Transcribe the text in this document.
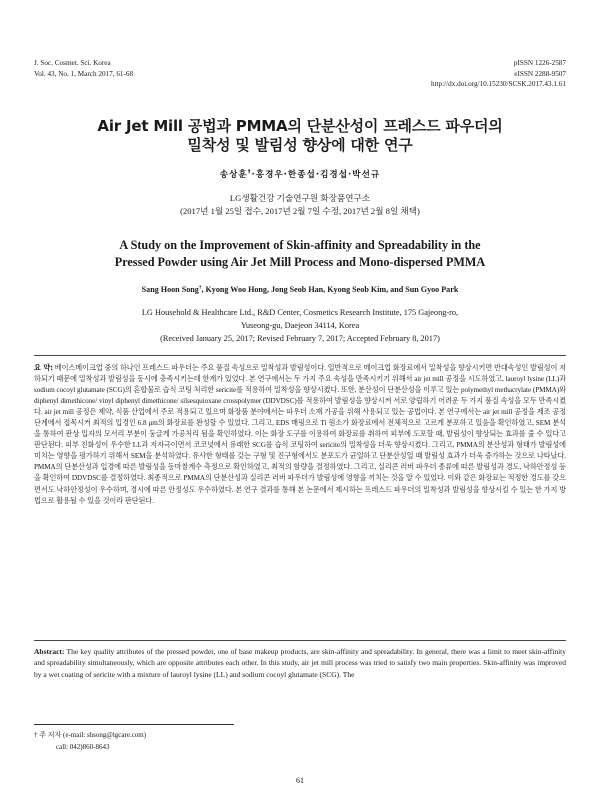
J. Soc. Cosmet. Sci. Korea
Vol. 43, No. 1, March 2017, 61-68
pISSN 1226-2587
eISSN 2288-9507
http://dx.doi.org/10.15230/SCSK.2017.43.1.61
Air Jet Mill 공법과 PMMA의 단분산성이 프레스드 파우더의
밀착성 및 발림성 향상에 대한 연구
송상훈†·홍경우·한종섭·김경섭·박선규
LG생활건강 기술연구원 화장품연구소
(2017년 1월 25일 접수, 2017년 2월 7일 수정, 2017년 2월 8일 채택)
A Study on the Improvement of Skin-affinity and Spreadability in the
Pressed Powder using Air Jet Mill Process and Mono-dispersed PMMA
Sang Hoon Song†, Kyong Woo Hong, Jong Seob Han, Kyong Seob Kim, and Sun Gyoo Park
LG Household & Healthcare Ltd., R&D Center, Cosmetics Research Institute, 175 Gajeong-ro,
Yuseong-gu, Daejeon 34114, Korea
(Received January 25, 2017; Revised February 7, 2017; Accepted February 8, 2017)
요 약: 베이스메이크업 중의 하나인 프레스드 파우더는 주요 품질 속성으로 밀착성과 발림성이다. 일반적으로 메이크업 화장료에서 밀착성을 향상시키면 반대속성인 발림성이 저하되기 때문에 밀착성과 발림성을 동시에 충족시키는데 한계가 있었다. 본 연구에서는 두 가지 주요 속성을 만족시키기 위해서 air jet mill 공정을 시도하였고, lauroyl lysine (LL)과 sodium cocoyl glutamate (SCG)의 혼합물로 습식 코팅 처리한 sericite를 적용하여 밀착성을 향상시켰다. 또한, 분산성이 단분산성을 이루고 있는 polymethyl methacrylate (PMMA)와 diphenyl dimethicone/ vinyl diphenyl dimethicone/ silsesquioxane crosspolymer (DDVDSC)를 적용하여 발림성을 향상시켜 서로 양립하기 어려운 두 가지 품질 속성을 모두 만족시켰다. air jet mill 공정은 제약, 식품 산업에서 주로 적용되고 있으며 화장품 분야에서는 파우더 소재 가공을 위해 사용되고 있는 공법이다. 본 연구에서는 air jet mill 공정을 제조 공정단계에서 접목시켜 최적의 입경인 6.8 μm의 화장료를 완성할 수 있었다. 그리고, EDS 매핑으로 Ti 원소가 화장료에서 전체적으로 고르게 분포하고 있음을 확인하였고, SEM 분석을 통하여 판상 입자의 모서리 부분이 둥글게 가공처리 됨을 확인하였다. 이는 화장 도구를 이용하여 화장료를 취하여 피부에 도포할 때, 발림성이 향상되는 효과를 줄 수 있다고 판단된다. 피부 친화성이 우수한 LL과 저자극이면서 코코넛에서 유래한 SCG를 습식 코팅하여 sericite의 밀착성을 더욱 향상시켰다. 그리고, PMMA의 분산성과 형태가 발림성에 미치는 영향을 평가하기 위해서 SEM을 분석하였다. 유사한 형태를 갖는 구형 및 진구형에서도 분포도가 균일하고 단분산성일 때 발림성 효과가 더욱 증가하는 것으로 나타났다. PMMA의 단분산성과 입경에 따른 발림성을 동마찰계수 측정으로 확인하였고, 최적의 함량을 결정하였다. 그리고, 실리콘 러버 파우더 종류에 따른 발림성과 경도, 낙하안정성 등을 확인하여 DDVDSC를 결정하였다. 최종적으로 PMMA의 단분산성과 실리콘 러버 파우더가 발림성에 영향을 끼치는 것을 알 수 있었다. 이와 같은 화장료는 적정한 경도를 갖으면서도 낙하안정성이 우수하며, 경시에 따른 안정성도 우수하였다. 본 연구 결과를 통해 본 논문에서 제시하는 프레스드 파우더의 밀착성과 발림성을 향상시킬 수 있는 한 가지 방법으로 활용될 수 있을 것이라 판단된다.
Abstract: The key quality attributes of the pressed powder, one of base makeup products, are skin-affinity and spreadability. In general, there was a limit to meet skin-affinity and spreadability simultaneously, which are opposite attributes each other. In this study, air jet mill process was tried to satisfy two main properties. Skin-affinity was improved by a wet coating of sericite with a mixture of lauroyl lysine (LL) and sodium cocoyl glutamate (SCG). The
† 주 저자 (e-mail: shsong@lgcare.com)
call: 042)860-8643
61
